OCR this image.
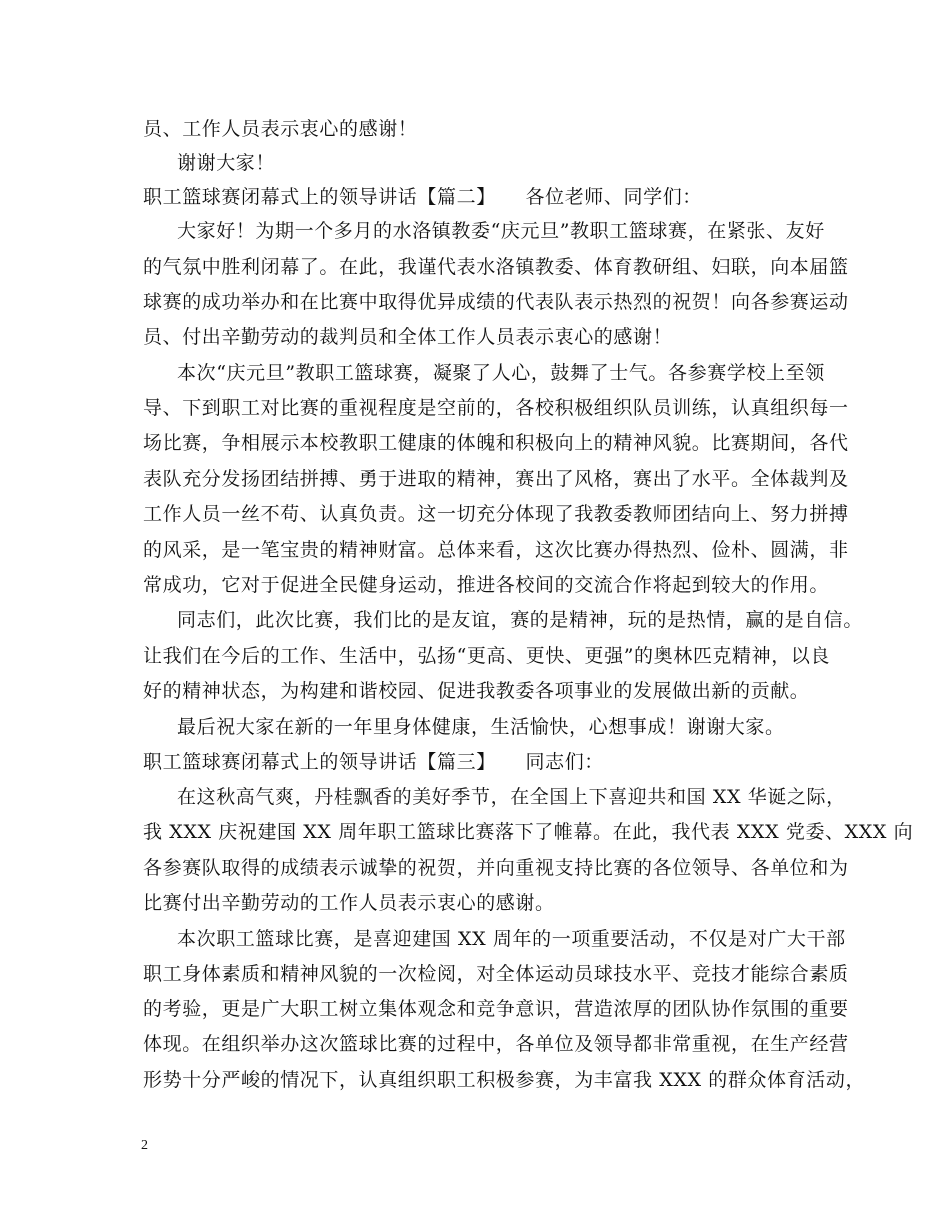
员、工作人员表示衷心的感谢！
谢谢大家！
职工篮球赛闭幕式上的领导讲话【篇二】　　各位老师、同学们：
大家好！为期一个多月的水洛镇教委“庆元旦”教职工篮球赛，在紧张、友好
的气氛中胜利闭幕了。在此，我谨代表水洛镇教委、体育教研组、妇联，向本届篮
球赛的成功举办和在比赛中取得优异成绩的代表队表示热烈的祝贺！向各参赛运动
员、付出辛勤劳动的裁判员和全体工作人员表示衷心的感谢！
本次“庆元旦”教职工篮球赛，凝聚了人心，鼓舞了士气。各参赛学校上至领
导、下到职工对比赛的重视程度是空前的，各校积极组织队员训练，认真组织每一
场比赛，争相展示本校教职工健康的体魄和积极向上的精神风貌。比赛期间，各代
表队充分发扬团结拼搏、勇于进取的精神，赛出了风格，赛出了水平。全体裁判及
工作人员一丝不苟、认真负责。这一切充分体现了我教委教师团结向上、努力拼搏
的风采，是一笔宝贵的精神财富。总体来看，这次比赛办得热烈、俭朴、圆满，非
常成功，它对于促进全民健身运动，推进各校间的交流合作将起到较大的作用。
同志们，此次比赛，我们比的是友谊，赛的是精神，玩的是热情，赢的是自信。
让我们在今后的工作、生活中，弘扬“更高、更快、更强”的奥林匹克精神，以良
好的精神状态，为构建和谐校园、促进我教委各项事业的发展做出新的贡献。
最后祝大家在新的一年里身体健康，生活愉快，心想事成！谢谢大家。
职工篮球赛闭幕式上的领导讲话【篇三】　　同志们：
在这秋高气爽，丹桂飘香的美好季节，在全国上下喜迎共和国 XX 华诞之际，
我 XXX 庆祝建国 XX 周年职工篮球比赛落下了帷幕。在此，我代表 XXX 党委、XXX 向
各参赛队取得的成绩表示诚挚的祝贺，并向重视支持比赛的各位领导、各单位和为
比赛付出辛勤劳动的工作人员表示衷心的感谢。
本次职工篮球比赛，是喜迎建国 XX 周年的一项重要活动，不仅是对广大干部
职工身体素质和精神风貌的一次检阅，对全体运动员球技水平、竞技才能综合素质
的考验，更是广大职工树立集体观念和竞争意识，营造浓厚的团队协作氛围的重要
体现。在组织举办这次篮球比赛的过程中，各单位及领导都非常重视，在生产经营
形势十分严峻的情况下，认真组织职工积极参赛，为丰富我 XXX 的群众体育活动，
2
